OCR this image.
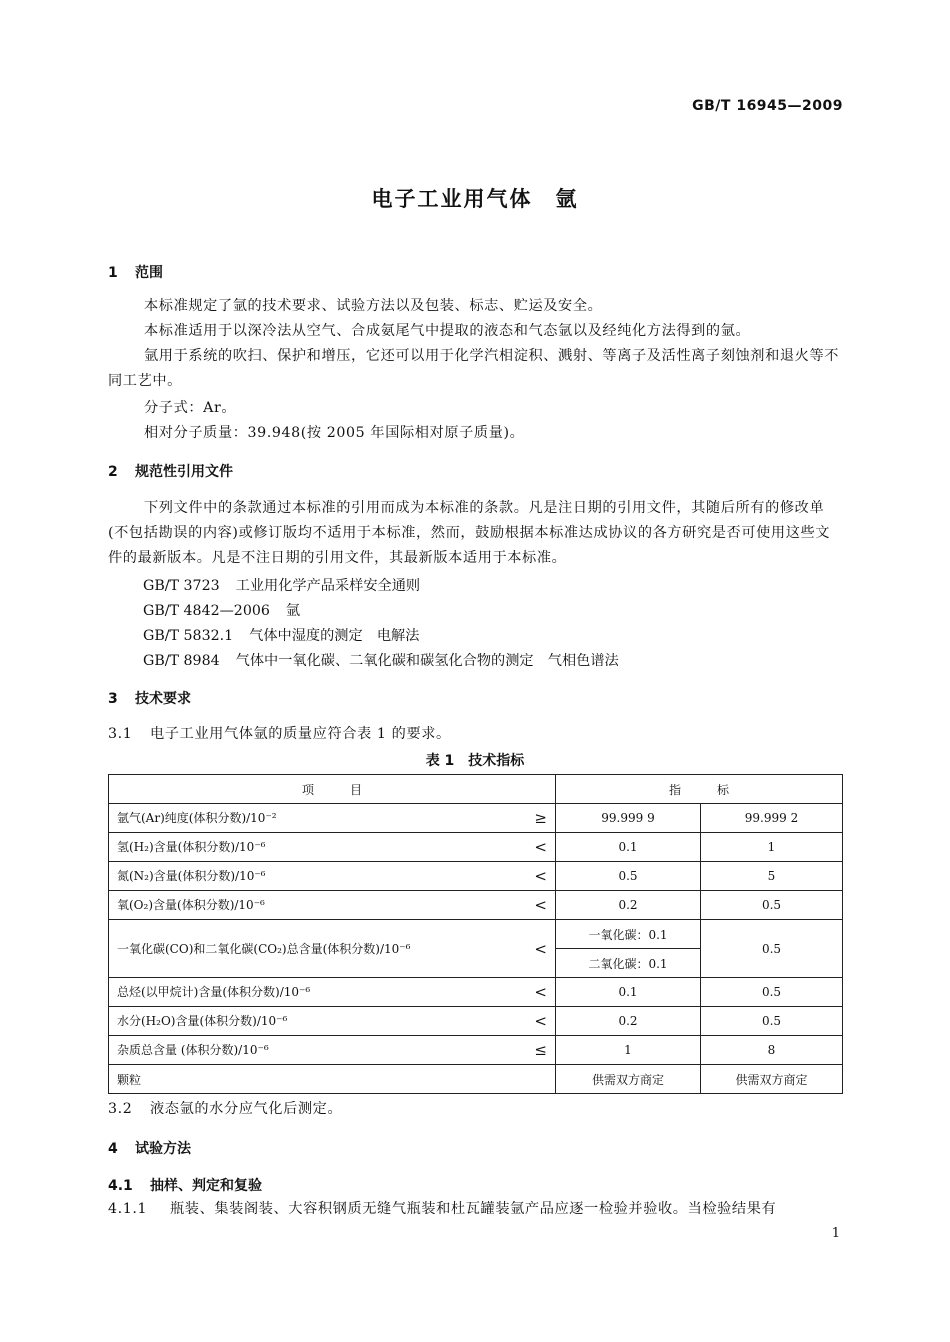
GB/T 16945—2009
电子工业用气体　氩
1 范围
本标准规定了氩的技术要求、试验方法以及包装、标志、贮运及安全。
本标准适用于以深冷法从空气、合成氨尾气中提取的液态和气态氩以及经纯化方法得到的氩。
氩用于系统的吹扫、保护和增压，它还可以用于化学汽相淀积、溅射、等离子及活性离子刻蚀剂和退火等不同工艺中。
分子式：Ar。
相对分子质量：39.948(按 2005 年国际相对原子质量)。
2 规范性引用文件
下列文件中的条款通过本标准的引用而成为本标准的条款。凡是注日期的引用文件，其随后所有的修改单(不包括勘误的内容)或修订版均不适用于本标准，然而，鼓励根据本标准达成协议的各方研究是否可使用这些文件的最新版本。凡是不注日期的引用文件，其最新版本适用于本标准。
GB/T 3723 工业用化学产品采样安全通则
GB/T 4842—2006 氩
GB/T 5832.1 气体中湿度的测定　电解法
GB/T 8984 气体中一氧化碳、二氧化碳和碳氢化合物的测定　气相色谱法
3 技术要求
3.1 电子工业用气体氩的质量应符合表 1 的要求。
表 1　技术指标
项　　　目	指　　　标	
氩气(Ar)纯度(体积分数)/10⁻² ≥	99.999 9	99.999 2
氢(H₂)含量(体积分数)/10⁻⁶ <	0.1	1
氮(N₂)含量(体积分数)/10⁻⁶ <	0.5	5
氧(O₂)含量(体积分数)/10⁻⁶ <	0.2	0.5
一氧化碳(CO)和二氧化碳(CO₂)总含量(体积分数)/10⁻⁶ <	一氧化碳：0.1	0.5
	二氧化碳：0.1	
总烃(以甲烷计)含量(体积分数)/10⁻⁶ <	0.1	0.5
水分(H₂O)含量(体积分数)/10⁻⁶ <	0.2	0.5
杂质总含量 (体积分数)/10⁻⁶ ≤	1	8
颗粒	供需双方商定	供需双方商定
3.2 液态氩的水分应气化后测定。
4 试验方法
4.1 抽样、判定和复验
4.1.1 瓶装、集装阁装、大容积钢质无缝气瓶装和杜瓦罐装氩产品应逐一检验并验收。当检验结果有
1
